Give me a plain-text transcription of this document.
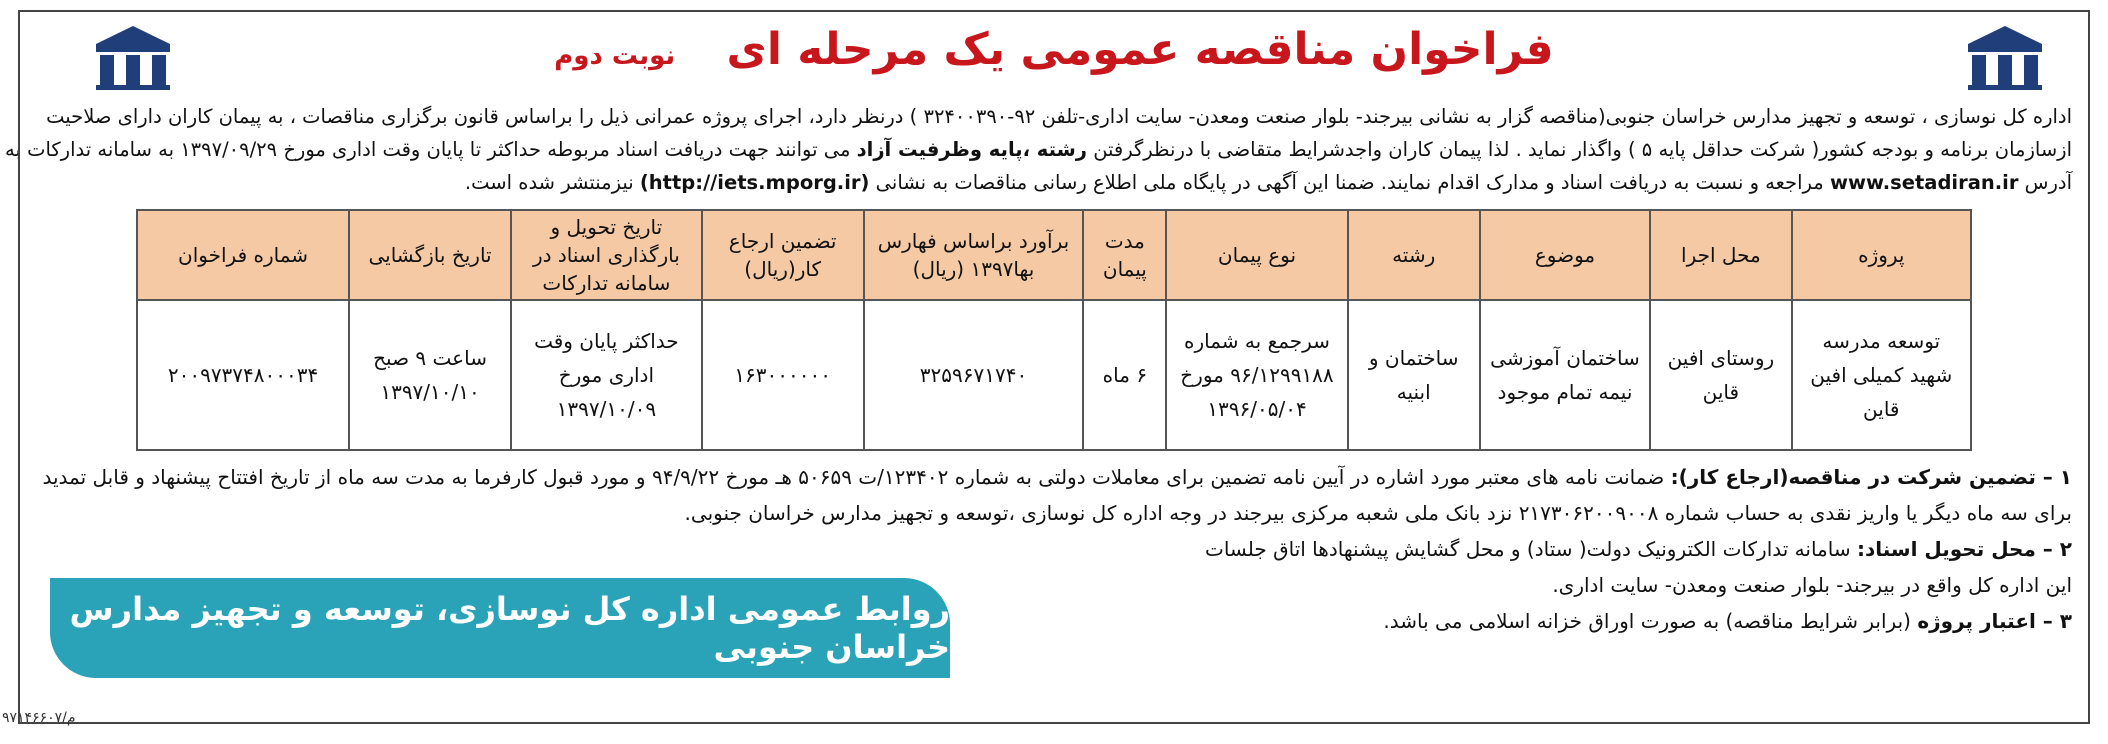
فراخوان مناقصه عمومی یک مرحله ای نوبت دوم
اداره کل نوسازی ، توسعه و تجهیز مدارس خراسان جنوبی(مناقصه گزار به نشانی بیرجند- بلوار صنعت ومعدن- سایت اداری-تلفن ۹۲-۳۲۴۰۰۳۹۰ ) درنظر دارد، اجرای پروژه عمرانی ذیل را براساس قانون برگزاری مناقصات ، به پیمان کاران دارای صلاحیت
ازسازمان برنامه و بودجه کشور( شرکت حداقل پایه ۵ ) واگذار نماید . لذا پیمان کاران واجدشرایط متقاضی با درنظرگرفتن رشته ،پایه وظرفیت آزاد می توانند جهت دریافت اسناد مربوطه حداکثر تا پایان وقت اداری مورخ ۱۳۹۷/۰۹/۲۹ به سامانه تدارکات به
آدرس www.setadiran.ir مراجعه و نسبت به دریافت اسناد و مدارک اقدام نمایند. ضمنا این آگهی در پایگاه ملی اطلاع رسانی مناقصات به نشانی (http://iets.mporg.ir) نیزمنتشر شده است.
پروژه	محل اجرا	موضوع	رشته	نوع پیمان	مدت پیمان	برآورد براساس فهارس بها۱۳۹۷ (ریال)	تضمین ارجاع کار(ریال)	تاریخ تحویل و بارگذاری اسناد در سامانه تدارکات	تاریخ بازگشایی	شماره فراخوان
توسعه مدرسه شهید کمیلی افین قاین	روستای افین قاین	ساختمان آموزشی نیمه تمام موجود	ساختمان و ابنیه	سرجمع به شماره ۹۶/۱۲۹۹۱۸۸ مورخ ۱۳۹۶/۰۵/۰۴	۶ ماه	۳۲۵۹۶۷۱۷۴۰	۱۶۳۰۰۰۰۰۰	حداکثر پایان وقت اداری مورخ ۱۳۹۷/۱۰/۰۹	ساعت ۹ صبح ۱۳۹۷/۱۰/۱۰	۲۰۰۹۷۳۷۴۸۰۰۰۳۴

۱ – تضمین شرکت در مناقصه(ارجاع کار): ضمانت نامه های معتبر مورد اشاره در آیین نامه تضمین برای معاملات دولتی به شماره ۱۲۳۴۰۲/ت ۵۰۶۵۹ هـ مورخ ۹۴/۹/۲۲ و مورد قبول کارفرما به مدت سه ماه از تاریخ افتتاح پیشنهاد و قابل تمدید

برای سه ماه دیگر یا واریز نقدی به حساب شماره ۲۱۷۳۰۶۲۰۰۹۰۰۸ نزد بانک ملی شعبه مرکزی بیرجند در وجه اداره کل نوسازی ،توسعه و تجهیز مدارس خراسان جنوبی.

۲ – محل تحویل اسناد: سامانه تدارکات الکترونیک دولت( ستاد) و محل گشایش پیشنهادها اتاق جلسات

این اداره کل واقع در بیرجند- بلوار صنعت ومعدن- سایت اداری.

۳ – اعتبار پروژه (برابر شرایط مناقصه) به صورت اوراق خزانه اسلامی می باشد.

روابط عمومی اداره کل نوسازی، توسعه و تجهیز مدارس خراسان جنوبی
م/۹۷۱۴۶۶۰۷
